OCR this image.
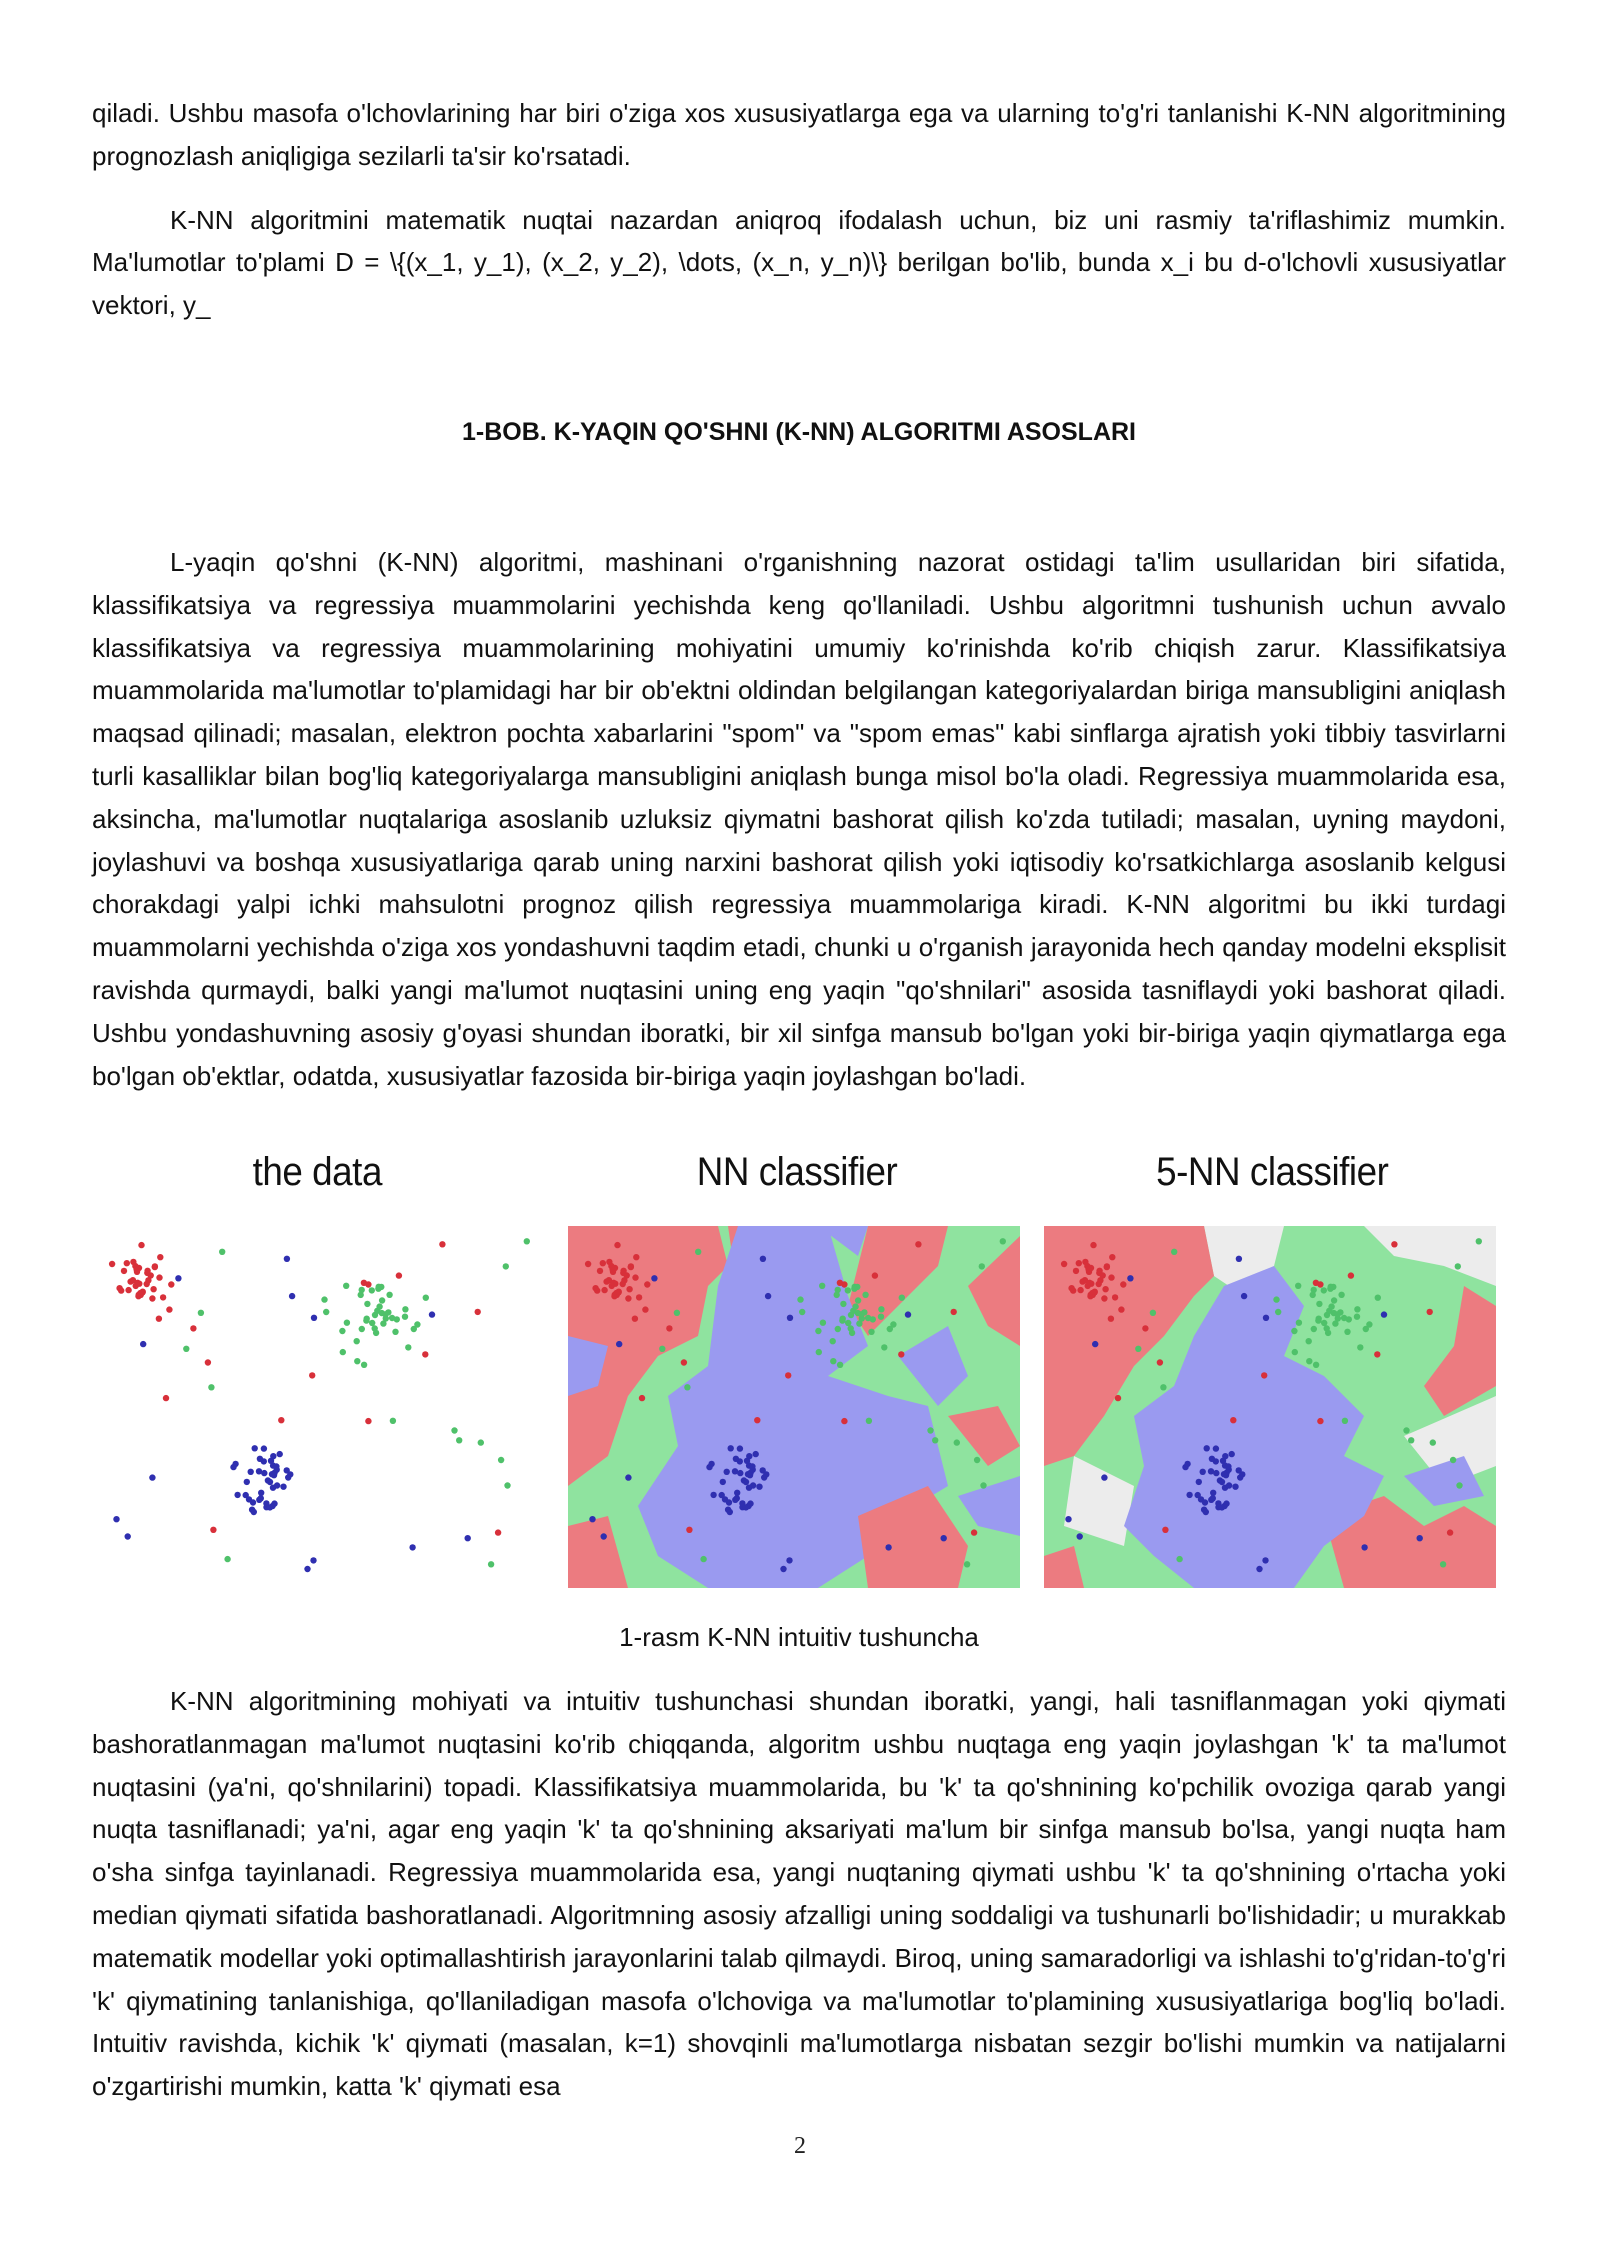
qiladi. Ushbu masofa o'lchovlarining har biri o'ziga xos xususiyatlarga ega va ularning to'g'ri tanlanishi K-NN algoritmining prognozlash aniqligiga sezilarli ta'sir ko'rsatadi.

K-NN algoritmini matematik nuqtai nazardan aniqroq ifodalash uchun, biz uni rasmiy ta'riflashimiz mumkin. Ma'lumotlar to'plami D = \{(x_1, y_1), (x_2, y_2), \dots, (x_n, y_n)\} berilgan bo'lib, bunda x_i bu d-o'lchovli xususiyatlar vektori, y_

1-BOB. K-YAQIN QO'SHNI (K-NN) ALGORITMI ASOSLARI

L-yaqin qo'shni (K-NN) algoritmi, mashinani o'rganishning nazorat ostidagi ta'lim usullaridan biri sifatida, klassifikatsiya va regressiya muammolarini yechishda keng qo'llaniladi. Ushbu algoritmni tushunish uchun avvalo klassifikatsiya va regressiya muammolarining mohiyatini umumiy ko'rinishda ko'rib chiqish zarur. Klassifikatsiya muammolarida ma'lumotlar to'plamidagi har bir ob'ektni oldindan belgilangan kategoriyalardan biriga mansubligini aniqlash maqsad qilinadi; masalan, elektron pochta xabarlarini "spom" va "spom emas" kabi sinflarga ajratish yoki tibbiy tasvirlarni turli kasalliklar bilan bog'liq kategoriyalarga mansubligini aniqlash bunga misol bo'la oladi. Regressiya muammolarida esa, aksincha, ma'lumotlar nuqtalariga asoslanib uzluksiz qiymatni bashorat qilish ko'zda tutiladi; masalan, uyning maydoni, joylashuvi va boshqa xususiyatlariga qarab uning narxini bashorat qilish yoki iqtisodiy ko'rsatkichlarga asoslanib kelgusi chorakdagi yalpi ichki mahsulotni prognoz qilish regressiya muammolariga kiradi. K-NN algoritmi bu ikki turdagi muammolarni yechishda o'ziga xos yondashuvni taqdim etadi, chunki u o'rganish jarayonida hech qanday modelni eksplisit ravishda qurmaydi, balki yangi ma'lumot nuqtasini uning eng yaqin "qo'shnilari" asosida tasniflaydi yoki bashorat qiladi. Ushbu yondashuvning asosiy g'oyasi shundan iboratki, bir xil sinfga mansub bo'lgan yoki bir-biriga yaqin qiymatlarga ega bo'lgan ob'ektlar, odatda, xususiyatlar fazosida bir-biriga yaqin joylashgan bo'ladi.

the data	NN classifier	5-NN classifier
1-rasm K-NN intuitiv tushuncha

K-NN algoritmining mohiyati va intuitiv tushunchasi shundan iboratki, yangi, hali tasniflanmagan yoki qiymati bashoratlanmagan ma'lumot nuqtasini ko'rib chiqqanda, algoritm ushbu nuqtaga eng yaqin joylashgan 'k' ta ma'lumot nuqtasini (ya'ni, qo'shnilarini) topadi. Klassifikatsiya muammolarida, bu 'k' ta qo'shnining ko'pchilik ovoziga qarab yangi nuqta tasniflanadi; ya'ni, agar eng yaqin 'k' ta qo'shnining aksariyati ma'lum bir sinfga mansub bo'lsa, yangi nuqta ham o'sha sinfga tayinlanadi. Regressiya muammolarida esa, yangi nuqtaning qiymati ushbu 'k' ta qo'shnining o'rtacha yoki median qiymati sifatida bashoratlanadi. Algoritmning asosiy afzalligi uning soddaligi va tushunarli bo'lishidadir; u murakkab matematik modellar yoki optimallashtirish jarayonlarini talab qilmaydi. Biroq, uning samaradorligi va ishlashi to'g'ridan-to'g'ri 'k' qiymatining tanlanishiga, qo'llaniladigan masofa o'lchoviga va ma'lumotlar to'plamining xususiyatlariga bog'liq bo'ladi. Intuitiv ravishda, kichik 'k' qiymati (masalan, k=1) shovqinli ma'lumotlarga nisbatan sezgir bo'lishi mumkin va natijalarni o'zgartirishi mumkin, katta 'k' qiymati esa

2
